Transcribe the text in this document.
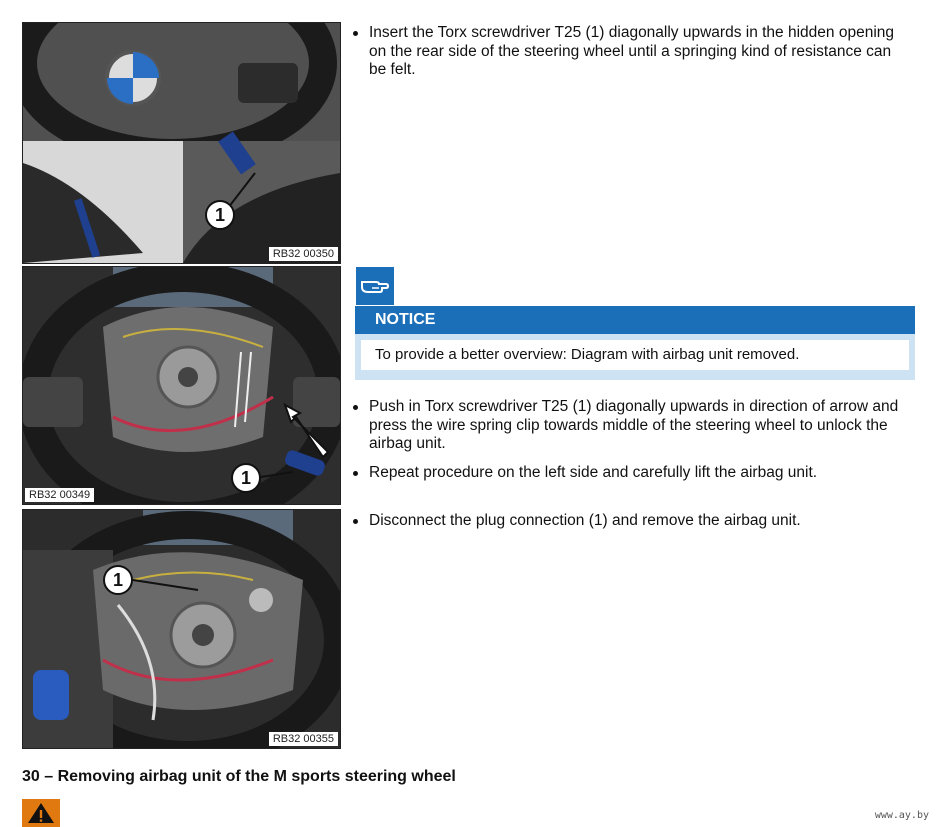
1
RB32 00350
1
RB32 00349
1
RB32 00355
Insert the Torx screwdriver T25 (1) diagonally upwards in the hidden opening on the rear side of the steering wheel until a springing kind of resistance can be felt.
NOTICE
To provide a better overview: Diagram with airbag unit removed.
Push in Torx screwdriver T25 (1) diagonally upwards in direction of arrow and press the wire spring clip towards middle of the steering wheel to unlock the airbag unit.
Repeat procedure on the left side and carefully lift the airbag unit.
Disconnect the plug connection (1) and remove the airbag unit.
30 – Removing airbag unit of the M sports steering wheel
www.ay.by
